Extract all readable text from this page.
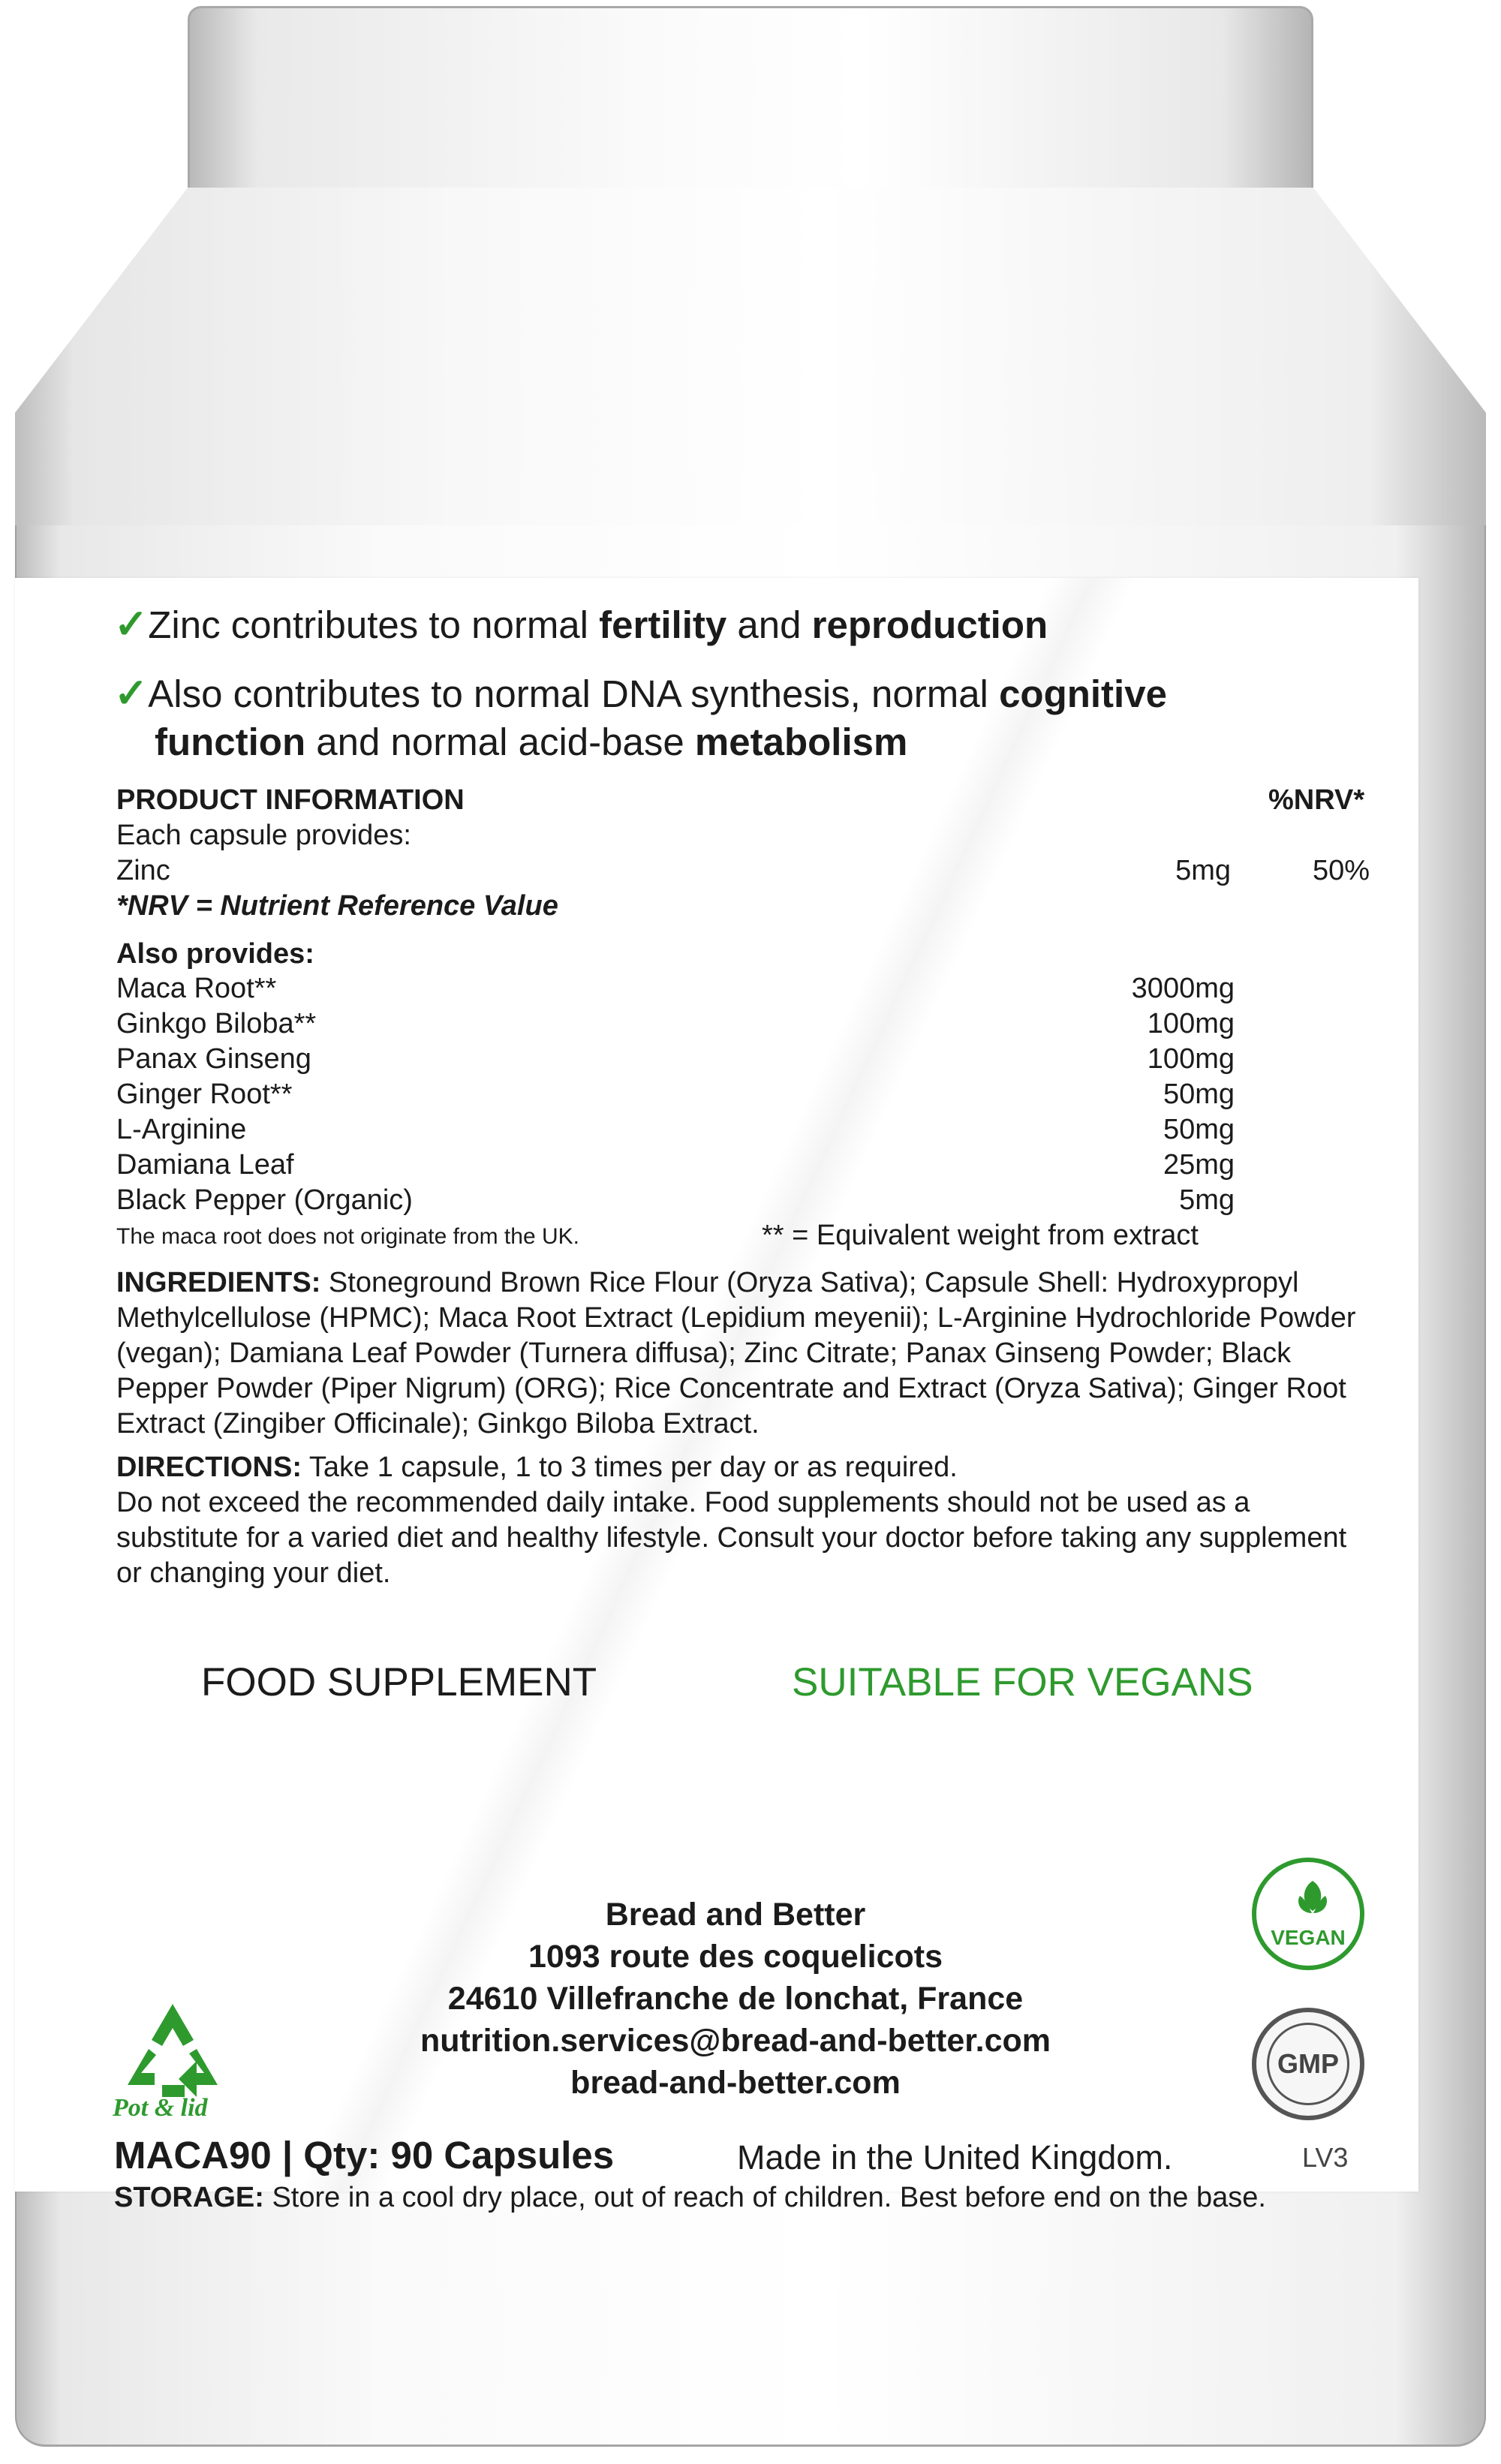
✓Zinc contributes to normal fertility and reproduction
✓Also contributes to normal DNA synthesis, normal cognitive
function and normal acid-base metabolism
PRODUCT INFORMATION	%NRV*
Each capsule provides:
Zinc	5mg	50%
*NRV = Nutrient Reference Value
Also provides:
Maca Root**	3000mg
Ginkgo Biloba**	100mg
Panax Ginseng	100mg
Ginger Root**	50mg
L-Arginine	50mg
Damiana Leaf	25mg
Black Pepper (Organic)	5mg
The maca root does not originate from the UK.	** = Equivalent weight from extract
INGREDIENTS: Stoneground Brown Rice Flour (Oryza Sativa); Capsule Shell: Hydroxypropyl Methylcellulose (HPMC); Maca Root Extract (Lepidium meyenii); L-Arginine Hydrochloride Powder (vegan); Damiana Leaf Powder (Turnera diffusa); Zinc Citrate; Panax Ginseng Powder; Black Pepper Powder (Piper Nigrum) (ORG); Rice Concentrate and Extract (Oryza Sativa); Ginger Root Extract (Zingiber Officinale); Ginkgo Biloba Extract.
DIRECTIONS: Take 1 capsule, 1 to 3 times per day or as required.
Do not exceed the recommended daily intake. Food supplements should not be used as a substitute for a varied diet and healthy lifestyle. Consult your doctor before taking any supplement or changing your diet.
FOOD SUPPLEMENT	SUITABLE FOR VEGANS
Bread and Better
1093 route des coquelicots
24610 Villefranche de lonchat, France
nutrition.services@bread-and-better.com
bread-and-better.com
Pot & lid
VEGAN
GMP
MACA90 | Qty: 90 Capsules	Made in the United Kingdom.	LV3
STORAGE: Store in a cool dry place, out of reach of children. Best before end on the base.
